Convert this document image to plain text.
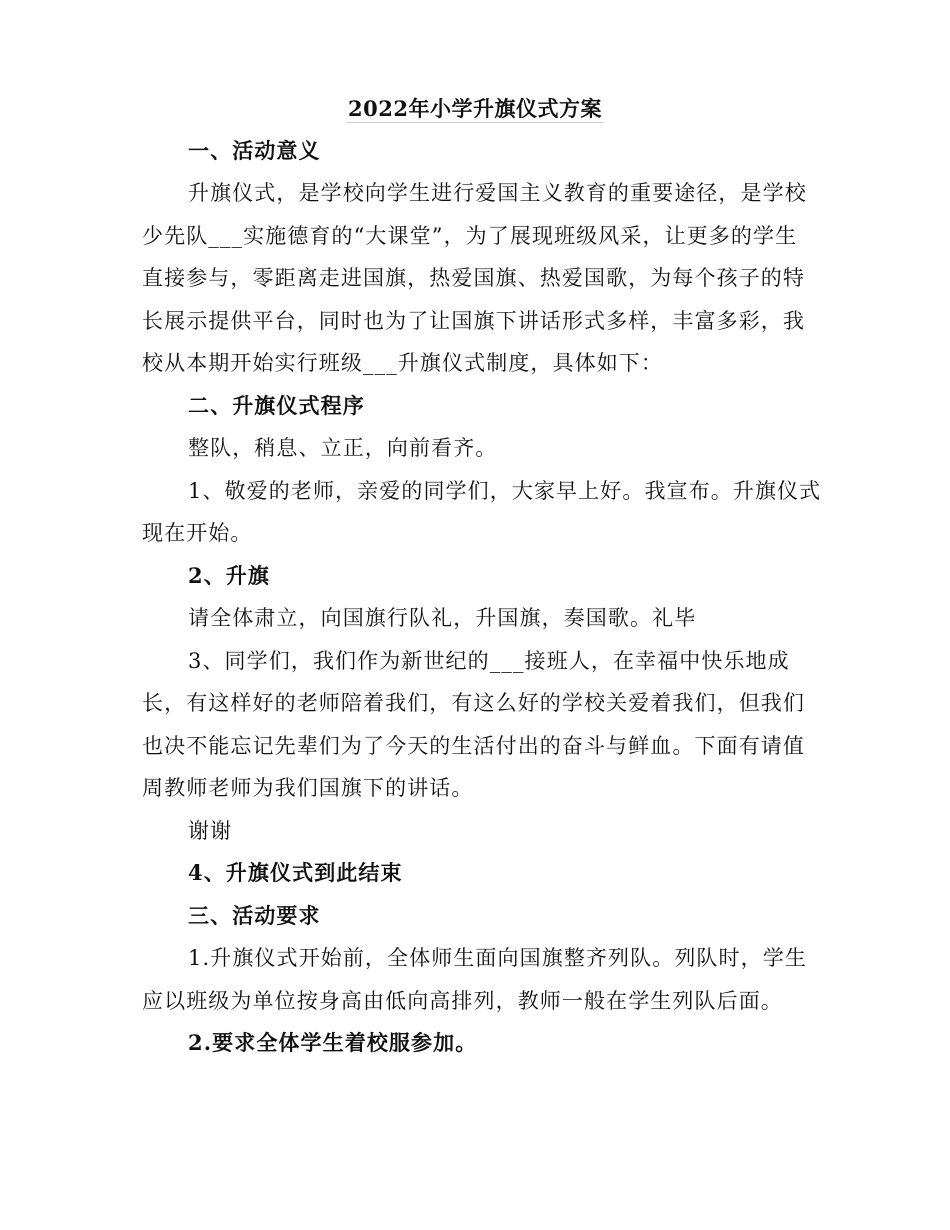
2022年小学升旗仪式方案
一、活动意义
升旗仪式，是学校向学生进行爱国主义教育的重要途径，是学校
少先队___实施德育的“大课堂”，为了展现班级风采，让更多的学生
直接参与，零距离走进国旗，热爱国旗、热爱国歌，为每个孩子的特
长展示提供平台，同时也为了让国旗下讲话形式多样，丰富多彩，我
校从本期开始实行班级___升旗仪式制度，具体如下：
二、升旗仪式程序
整队，稍息、立正，向前看齐。
1、敬爱的老师，亲爱的同学们，大家早上好。我宣布。升旗仪式
现在开始。
2、升旗
请全体肃立，向国旗行队礼，升国旗，奏国歌。礼毕
3、同学们，我们作为新世纪的___接班人，在幸福中快乐地成
长，有这样好的老师陪着我们，有这么好的学校关爱着我们，但我们
也决不能忘记先辈们为了今天的生活付出的奋斗与鲜血。下面有请值
周教师老师为我们国旗下的讲话。
谢谢
4、升旗仪式到此结束
三、活动要求
1.升旗仪式开始前，全体师生面向国旗整齐列队。列队时，学生
应以班级为单位按身高由低向高排列，教师一般在学生列队后面。
2.要求全体学生着校服参加。
